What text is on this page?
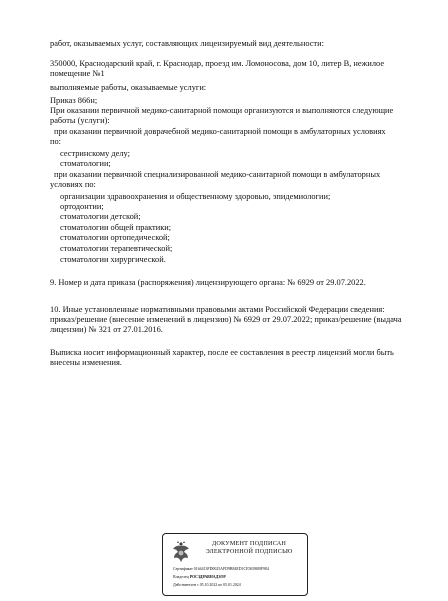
работ, оказываемых услуг, составляющих лицензируемый вид деятельности:
350000, Краснодарский край, г. Краснодар, проезд им. Ломоносова, дом 10, литер В, нежилое
помещение №1
выполняемые работы, оказываемые услуги:
Приказ 866н;
При оказании первичной медико-санитарной помощи организуются и выполняются следующие
работы (услуги):
при оказании первичной доврачебной медико-санитарной помощи в амбулаторных условиях
по:
сестринскому делу;
стоматологии;
при оказании первичной специализированной медико-санитарной помощи в амбулаторных
условиях по:
организации здравоохранения и общественному здоровью, эпидемиологии;
ортодонтии;
стоматологии детской;
стоматологии общей практики;
стоматологии ортопедической;
стоматологии терапевтической;
стоматологии хирургической.
9. Номер и дата приказа (распоряжения) лицензирующего органа: № 6929 от 29.07.2022.
10. Иные установленные нормативными правовыми актами Российской Федерации сведения:
приказ/решение (внесение изменений в лицензию) № 6929 от 29.07.2022; приказ/решение (выдача
лицензии) № 321 от 27.01.2016.
Выписка носит информационный характер, после ее составления в реестр лицензий могли быть
внесены изменения.
ДОКУМЕНТ ПОДПИСАН
ЭЛЕКТРОННОЙ ПОДПИСЬЮ
Сертификат 0164413FD0025AFD9B84ED1CE56580BF984
Владелец РОСЗДРАВНАДЗОР
Действителен с 05.10.2022 по 05.01.2024
